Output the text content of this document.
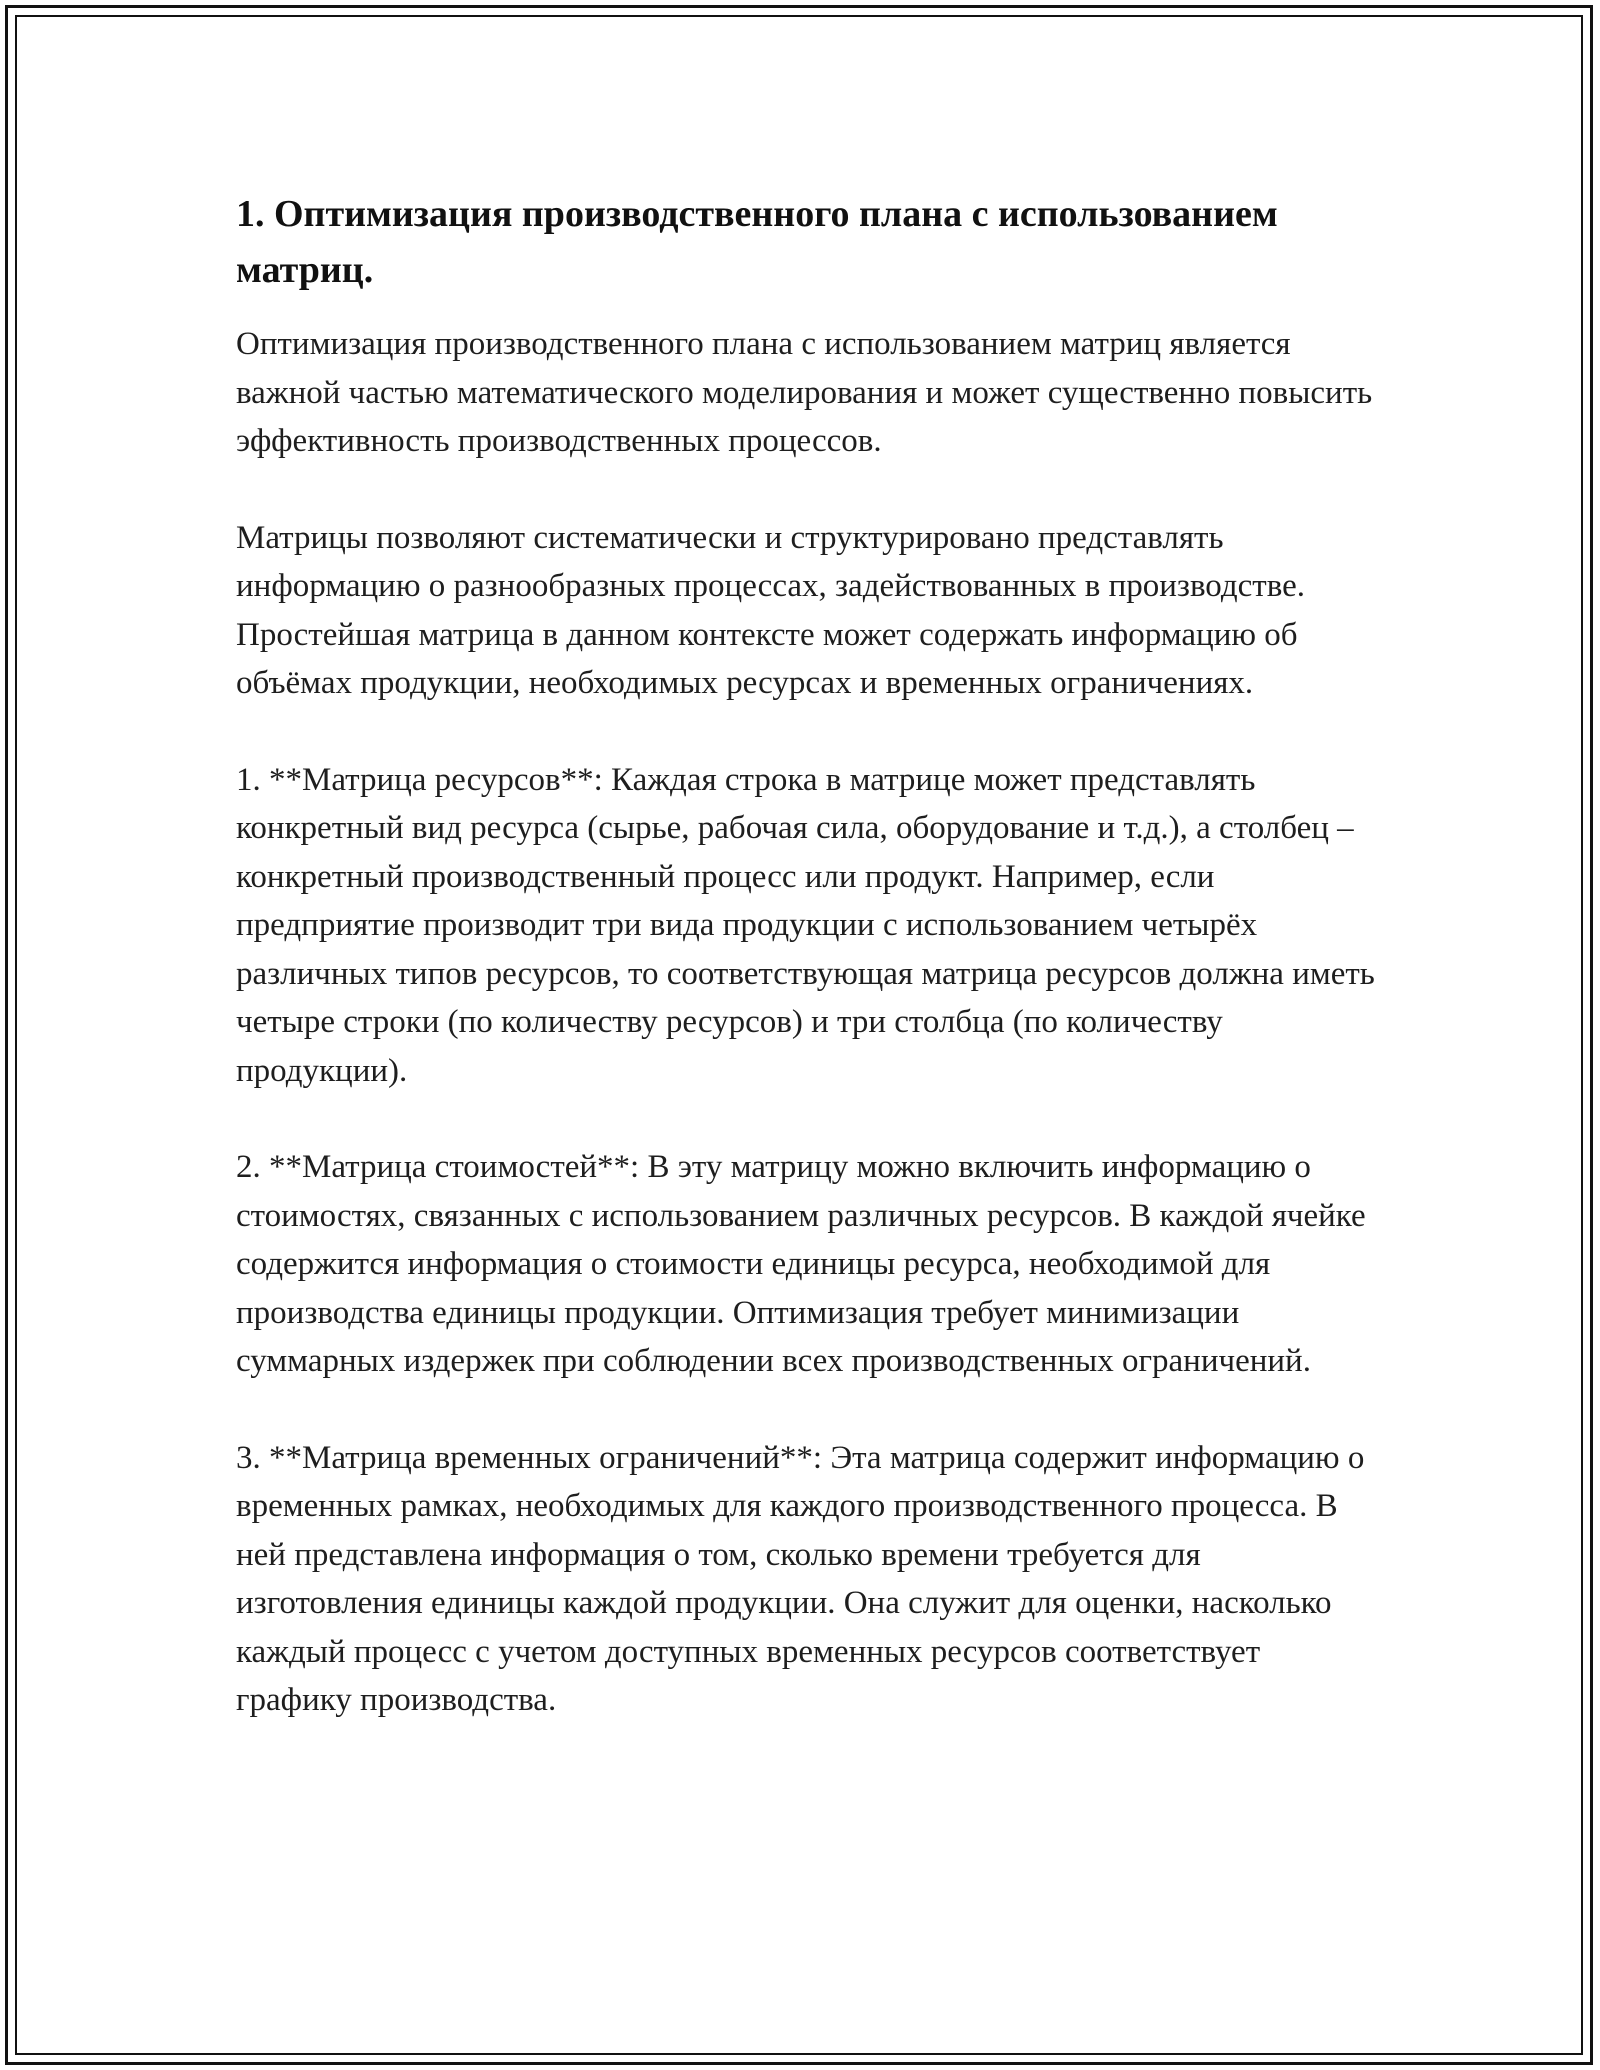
1. Оптимизация производственного плана с использованием матриц.

Оптимизация производственного плана с использованием матриц является важной частью математического моделирования и может существенно повысить эффективность производственных процессов.

Матрицы позволяют систематически и структурировано представлять информацию о разнообразных процессах, задействованных в производстве. Простейшая матрица в данном контексте может содержать информацию об объёмах продукции, необходимых ресурсах и временных ограничениях.

1. **Матрица ресурсов**: Каждая строка в матрице может представлять конкретный вид ресурса (сырье, рабочая сила, оборудование и т.д.), а столбец – конкретный производственный процесс или продукт. Например, если предприятие производит три вида продукции с использованием четырёх различных типов ресурсов, то соответствующая матрица ресурсов должна иметь четыре строки (по количеству ресурсов) и три столбца (по количеству продукции).

2. **Матрица стоимостей**: В эту матрицу можно включить информацию о стоимостях, связанных с использованием различных ресурсов. В каждой ячейке содержится информация о стоимости единицы ресурса, необходимой для производства единицы продукции. Оптимизация требует минимизации суммарных издержек при соблюдении всех производственных ограничений.

3. **Матрица временных ограничений**: Эта матрица содержит информацию о временных рамках, необходимых для каждого производственного процесса. В ней представлена информация о том, сколько времени требуется для изготовления единицы каждой продукции. Она служит для оценки, насколько каждый процесс с учетом доступных временных ресурсов соответствует графику производства.
